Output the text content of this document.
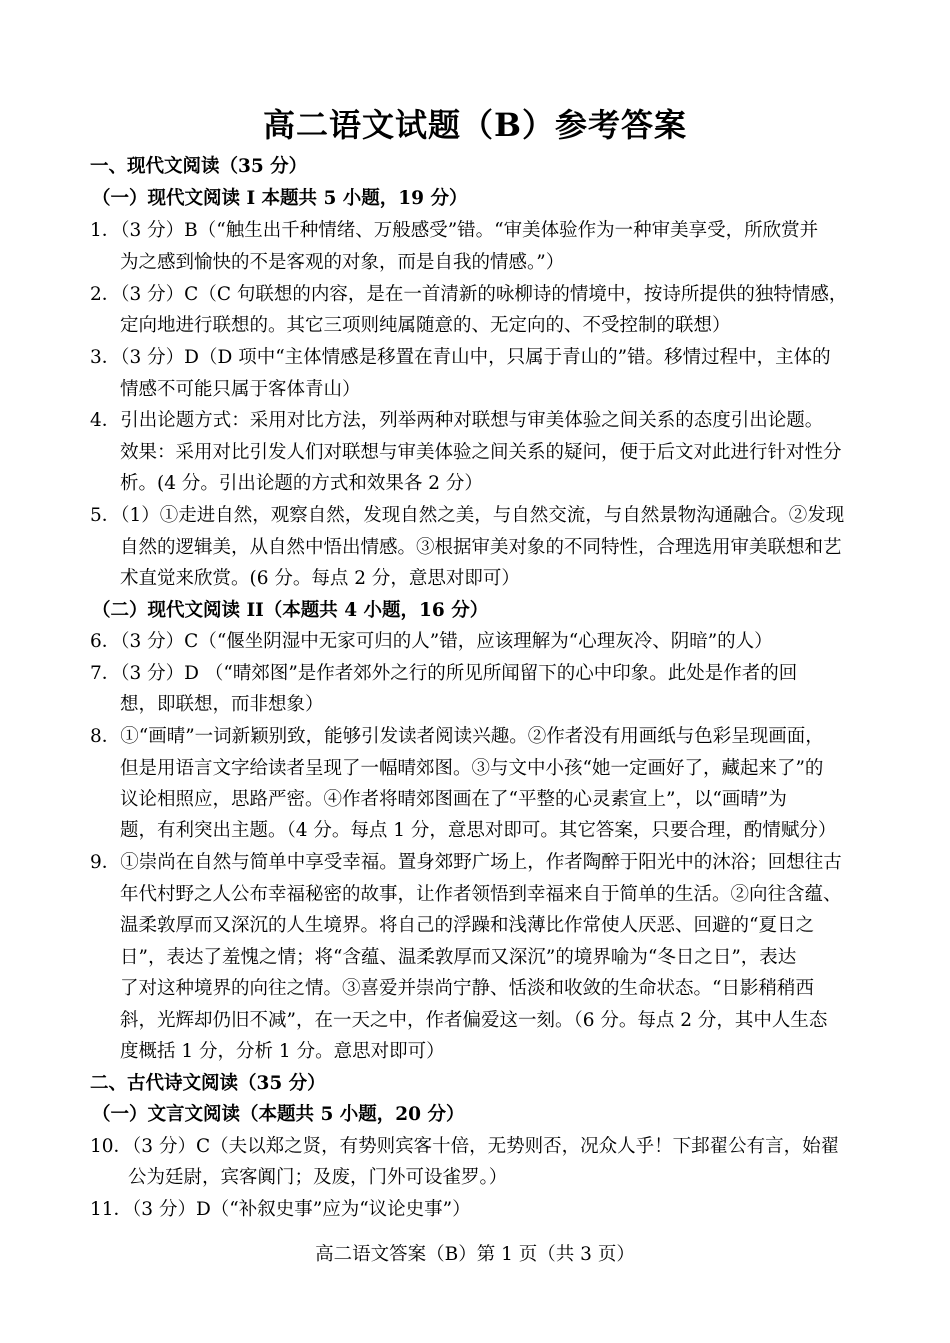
高二语文试题（B）参考答案
一、现代文阅读（35 分）
（一）现代文阅读 I 本题共 5 小题，19 分）
1．（3 分）B（“触生出千种情绪、万般感受”错。“审美体验作为一种审美享受，所欣赏并
为之感到愉快的不是客观的对象，而是自我的情感。”）
2．（3 分）C（C 句联想的内容，是在一首清新的咏柳诗的情境中，按诗所提供的独特情感，
定向地进行联想的。其它三项则纯属随意的、无定向的、不受控制的联想）
3．（3 分）D（D 项中“主体情感是移置在青山中，只属于青山的”错。移情过程中，主体的
情感不可能只属于客体青山）
4．引出论题方式：采用对比方法，列举两种对联想与审美体验之间关系的态度引出论题。
效果：采用对比引发人们对联想与审美体验之间关系的疑问，便于后文对此进行针对性分
析。(4 分。引出论题的方式和效果各 2 分）
5．（1）①走进自然，观察自然，发现自然之美，与自然交流，与自然景物沟通融合。②发现
自然的逻辑美，从自然中悟出情感。③根据审美对象的不同特性，合理选用审美联想和艺
术直觉来欣赏。(6 分。每点 2 分，意思对即可）
（二）现代文阅读 II（本题共 4 小题，16 分）
6．（3 分）C（“偃坐阴湿中无家可归的人”错，应该理解为“心理灰冷、阴暗”的人）
7．（3 分）D （“晴郊图”是作者郊外之行的所见所闻留下的心中印象。此处是作者的回
想，即联想，而非想象）
8．①“画晴”一词新颖别致，能够引发读者阅读兴趣。②作者没有用画纸与色彩呈现画面，
但是用语言文字给读者呈现了一幅晴郊图。③与文中小孩“她一定画好了，藏起来了”的
议论相照应，思路严密。④作者将晴郊图画在了“平整的心灵素宣上”，以“画晴”为
题，有利突出主题。（4 分。每点 1 分，意思对即可。其它答案，只要合理，酌情赋分）
9．①崇尚在自然与简单中享受幸福。置身郊野广场上，作者陶醉于阳光中的沐浴；回想往古
年代村野之人公布幸福秘密的故事，让作者领悟到幸福来自于简单的生活。②向往含蕴、
温柔敦厚而又深沉的人生境界。将自己的浮躁和浅薄比作常使人厌恶、回避的“夏日之
日”，表达了羞愧之情；将“含蕴、温柔敦厚而又深沉”的境界喻为“冬日之日”，表达
了对这种境界的向往之情。③喜爱并崇尚宁静、恬淡和收敛的生命状态。“日影稍稍西
斜，光辉却仍旧不减”，在一天之中，作者偏爱这一刻。（6 分。每点 2 分，其中人生态
度概括 1 分，分析 1 分。意思对即可）
二、古代诗文阅读（35 分）
（一）文言文阅读（本题共 5 小题，20 分）
10．（3 分）C（夫以郑之贤，有势则宾客十倍，无势则否，况众人乎！下邽翟公有言，始翟
公为廷尉，宾客阗门；及废，门外可设雀罗。）
11．（3 分）D（“补叙史事”应为“议论史事”）
高二语文答案（B）第 1 页（共 3 页）
